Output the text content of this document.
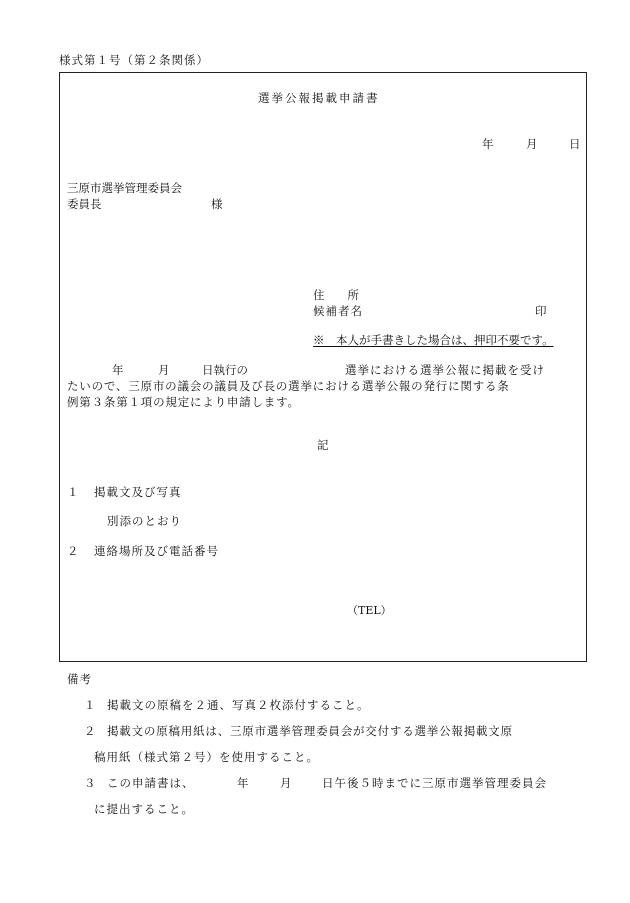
様式第１号（第２条関係）
選挙公報掲載申請書
年	月	日
三原市選挙管理委員会
委員長	様
住　　所
候補者名	印
※　本人が手書きした場合は、押印不要です。
年	月	日執行の	選挙における選挙公報に掲載を受け
たいので、三原市の議会の議員及び長の選挙における選挙公報の発行に関する条
例第３条第１項の規定により申請します。
記
１ 掲載文及び写真
別添のとおり
２ 連絡場所及び電話番号
（TEL）
備考
１ 掲載文の原稿を２通、写真２枚添付すること。
２ 掲載文の原稿用紙は、三原市選挙管理委員会が交付する選挙公報掲載文原
稿用紙（様式第２号）を使用すること。
３ この申請書は、	年	月	日午後５時までに三原市選挙管理委員会
に提出すること。
